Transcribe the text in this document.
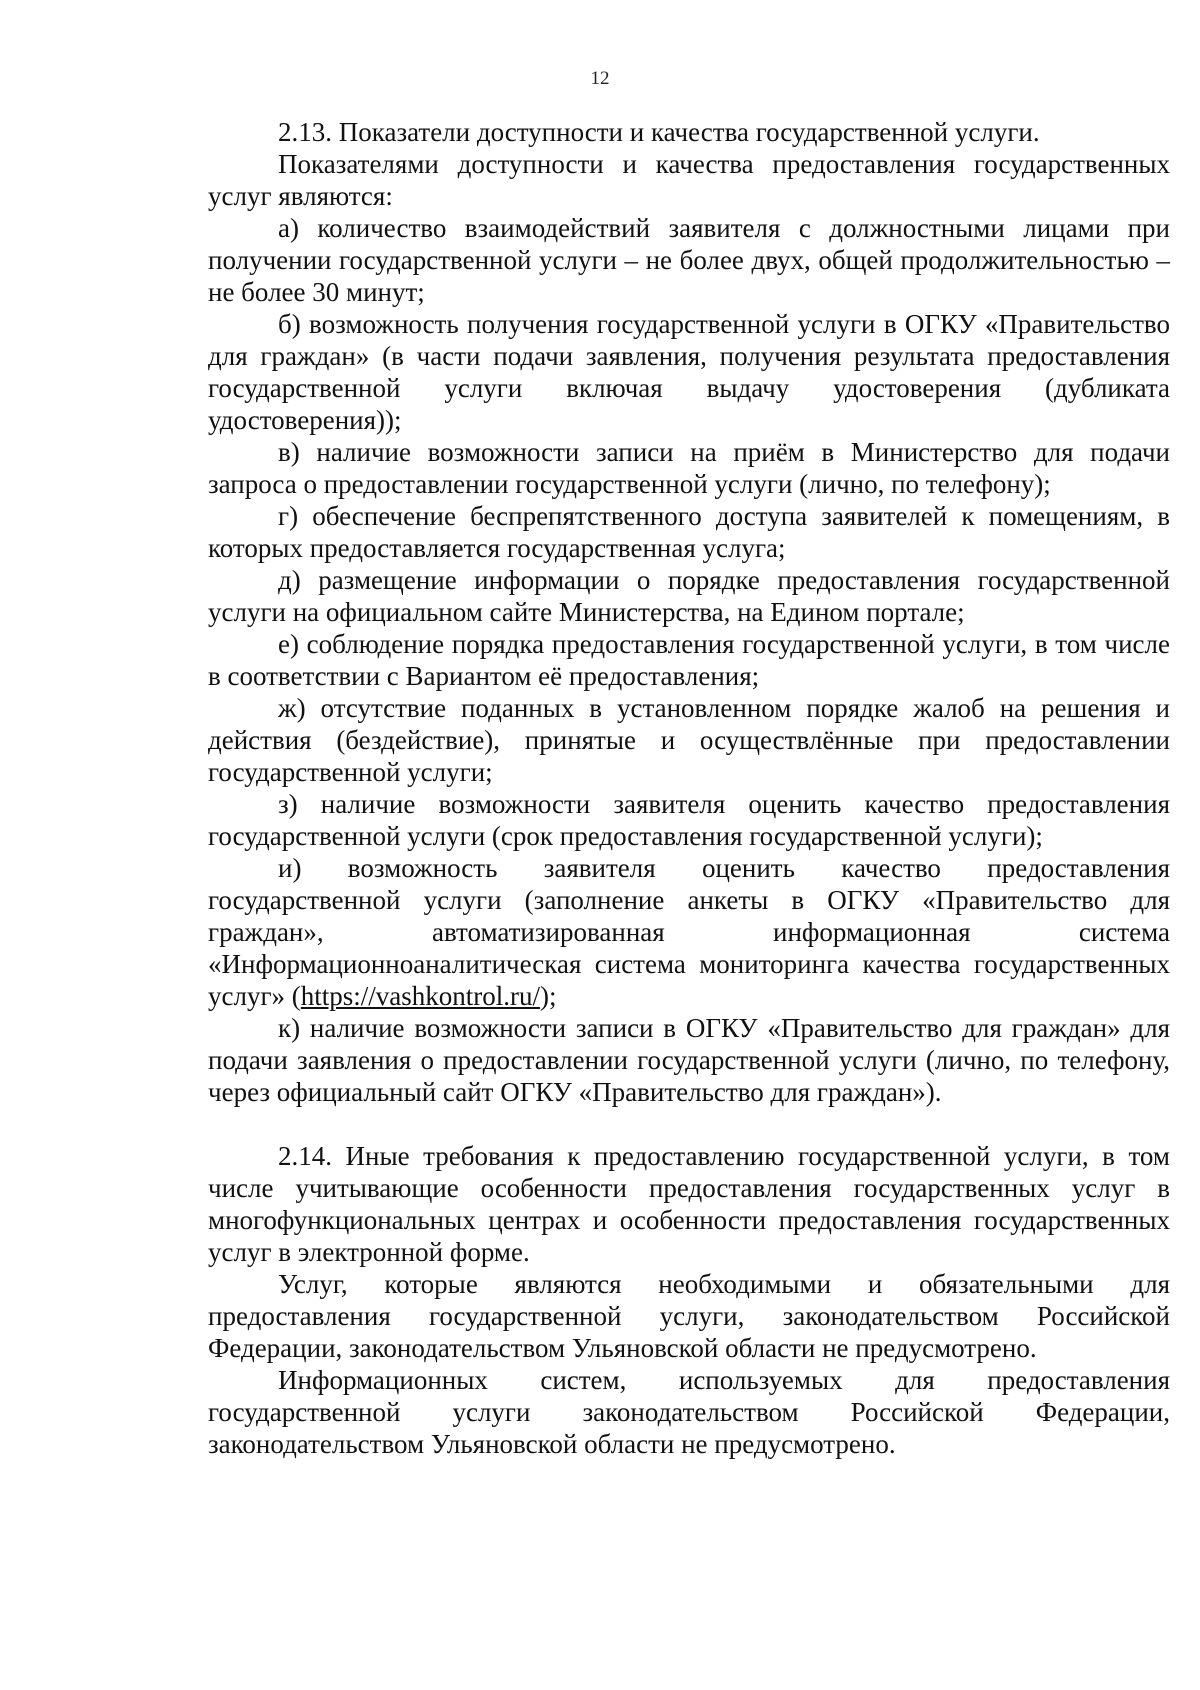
12

2.13. Показатели доступности и качества государственной услуги.

Показателями доступности и качества предоставления государственных услуг являются:

а) количество взаимодействий заявителя с должностными лицами при получении государственной услуги – не более двух, общей продолжительностью – не более 30 минут;

б) возможность получения государственной услуги в ОГКУ «Правительство для граждан» (в части подачи заявления, получения результата предоставления государственной услуги включая выдачу удостоверения (дубликата удостоверения));

в) наличие возможности записи на приём в Министерство для подачи запроса о предоставлении государственной услуги (лично, по телефону);

г) обеспечение беспрепятственного доступа заявителей к помещениям, в которых предоставляется государственная услуга;

д) размещение информации о порядке предоставления государственной услуги на официальном сайте Министерства, на Едином портале;

е) соблюдение порядка предоставления государственной услуги, в том числе в соответствии с Вариантом её предоставления;

ж) отсутствие поданных в установленном порядке жалоб на решения и действия (бездействие), принятые и осуществлённые при предоставлении государственной услуги;

з) наличие возможности заявителя оценить качество предоставления государственной услуги (срок предоставления государственной услуги);

и) возможность заявителя оценить качество предоставления государственной услуги (заполнение анкеты в ОГКУ «Правительство для граждан», автоматизированная информационная система «Информационноаналитическая система мониторинга качества государственных услуг» (https://vashkontrol.ru/);

к) наличие возможности записи в ОГКУ «Правительство для граждан» для подачи заявления о предоставлении государственной услуги (лично, по телефону, через официальный сайт ОГКУ «Правительство для граждан»).

2.14. Иные требования к предоставлению государственной услуги, в том числе учитывающие особенности предоставления государственных услуг в многофункциональных центрах и особенности предоставления государственных услуг в электронной форме.

Услуг, которые являются необходимыми и обязательными для предоставления государственной услуги, законодательством Российской Федерации, законодательством Ульяновской области не предусмотрено.

Информационных систем, используемых для предоставления государственной услуги законодательством Российской Федерации, законодательством Ульяновской области не предусмотрено.
